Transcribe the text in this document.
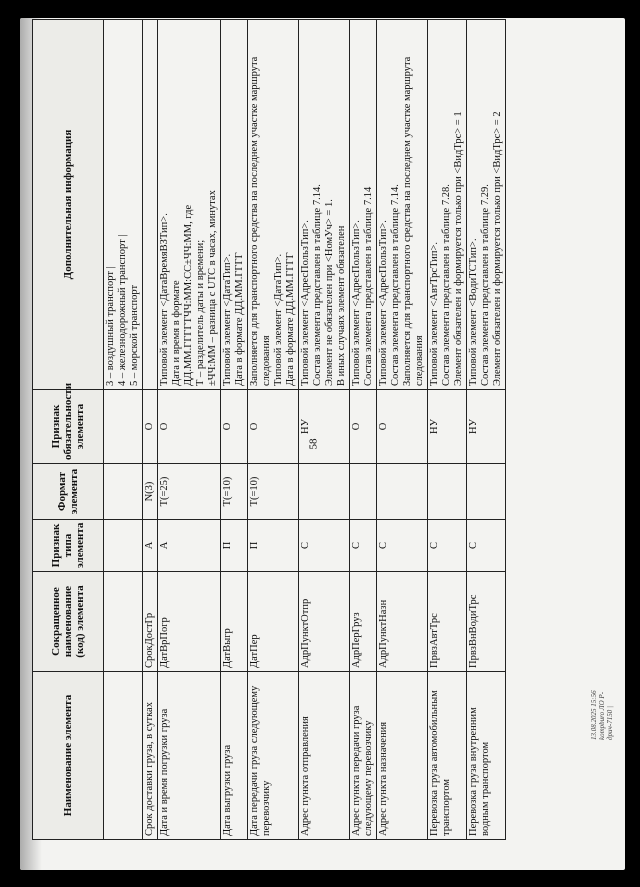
58
Наименование элемента	Сокращенное наименование (код) элемента	Признак типа элемента	Формат элемента	Признак обязательности элемента	Дополнительная информация

					3 – воздушный транспорт | 4 – железнодорожный транспорт | 5 – морской транспорт

Срок доставки груза, в сутках	СрокДостГр	А	N(3)	О	
Дата и время погрузки груза	ДатВрПогр	А	T(=25)	О	Типовой элемент <ДатаВремяВЗТип>. Дата и время в формате ДД.ММ.ГГГГТЧЧ:ММ:СС±ЧЧ:ММ, где Т – разделитель даты и времени; ±ЧЧ:ММ – разница с UTC в часах, минутах

Дата выгрузки груза	ДатВыгр	П	T(=10)	О	Типовой элемент <ДатаТип>. Дата в формате ДД.ММ.ГГГГ

Дата передачи груза следующему перевозчику	ДатПер	П	T(=10)	О	Заполняется для транспортного средства на последнем участке маршрута следования Типовой элемент <ДатаТип>. Дата в формате ДД.ММ.ГГГГ

Адрес пункта отправления	АдрПунктОтпр	С		НУ	Типовой элемент <АдресПользТип>. Состав элемента представлен в таблице 7.14. Элемент не обязателен при <НомУч> = 1. В иных случаях элемент обязателен

Адрес пункта передачи груза следующему перевозчику	АдрПерГруз	С		О	Типовой элемент <АдресПользТип>. Состав элемента представлен в таблице 7.14

Адрес пункта назначения	АдрПунктНазн	С		О	Типовой элемент <АдресПользТип>. Состав элемента представлен в таблице 7.14. Заполняется для транспортного средства на последнем участке маршрута следования

Перевозка груза автомобильным транспортом	ПрвзАвтТрс	С		НУ	Типовой элемент <АвтТрсТип>. Состав элемента представлен в таблице 7.28. Элемент обязателен и формируется только при <ВидТрс> = 1

Перевозка груза внутренним водным транспортом	ПрвзВнВодиТрс	С		НУ	Типовой элемент <ВодиТСТип>. Состав элемента представлен в таблице 7.29. Элемент обязателен и формируется только при <ВидТрс> = 2
13.08.2025 15:56 kompburo ЛО Р-дрич-7150 |
